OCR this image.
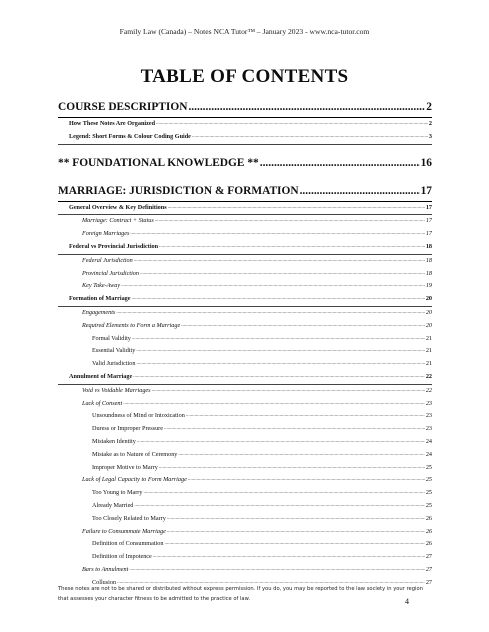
Family Law (Canada) – Notes NCA Tutor™ – January 2023 - www.nca-tutor.com
TABLE OF CONTENTS
COURSE DESCRIPTION .....	2
How These Notes Are Organized .....	2
Legend: Short Forms & Colour Coding Guide .....	3
** FOUNDATIONAL KNOWLEDGE ** .....	16
MARRIAGE: JURISDICTION & FORMATION .....	17
General Overview & Key Definitions .....	17
Marriage: Contract + Status .....	17
Foreign Marriages .....	17
Federal vs Provincial Jurisdiction .....	18
Federal Jurisdiction .....	18
Provincial Jurisdiction .....	18
Key Take-Away .....	19
Formation of Marriage .....	20
Engagements .....	20
Required Elements to Form a Marriage .....	20
Formal Validity .....	21
Essential Validity .....	21
Valid Jurisdiction .....	21
Annulment of Marriage .....	22
Void vs Voidable Marriages .....	22
Lack of Consent .....	23
Unsoundness of Mind or Intoxication .....	23
Duress or Improper Pressure .....	23
Mistaken Identity .....	24
Mistake as to Nature of Ceremony .....	24
Improper Motive to Marry .....	25
Lack of Legal Capacity to Form Marriage .....	25
Too Young to Marry .....	25
Already Married .....	25
Too Closely Related to Marry .....	26
Failure to Consummate Marriage .....	26
Definition of Consummation .....	26
Definition of Impotence .....	27
Bars to Annulment .....	27
Collusion .....	27
These notes are not to be shared or distributed without express permission. If you do, you may be reported to the law society in your region that assesses your character fitness to be admitted to the practice of law.	4
